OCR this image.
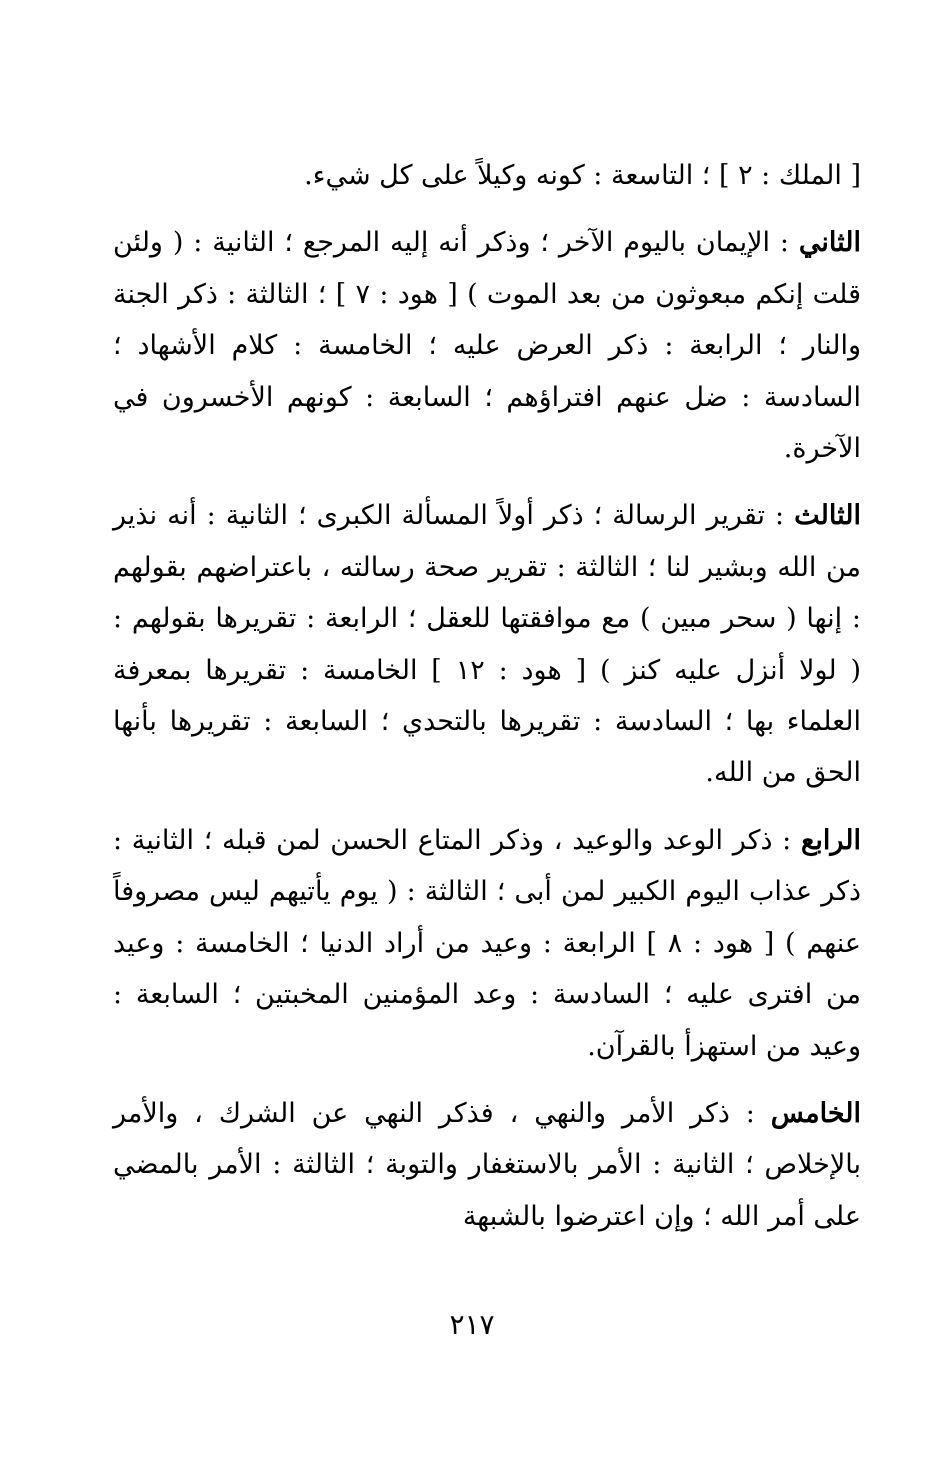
[ الملك : ٢ ] ؛ التاسعة : كونه وكيلاً على كل شيء.

الثاني : الإيمان باليوم الآخر ؛ وذكر أنه إليه المرجع ؛ الثانية : ( ولئن قلت إنكم مبعوثون من بعد الموت ) [ هود : ٧ ] ؛ الثالثة : ذكر الجنة والنار ؛ الرابعة : ذكر العرض عليه ؛ الخامسة : كلام الأشهاد ؛ السادسة : ضل عنهم افتراؤهم ؛ السابعة : كونهم الأخسرون في الآخرة.

الثالث : تقرير الرسالة ؛ ذكر أولاً المسألة الكبرى ؛ الثانية : أنه نذير من الله وبشير لنا ؛ الثالثة : تقرير صحة رسالته ، باعتراضهم بقولهم : إنها ( سحر مبين ) مع موافقتها للعقل ؛ الرابعة : تقريرها بقولهم : ( لولا أنزل عليه كنز ) [ هود : ١٢ ] الخامسة : تقريرها بمعرفة العلماء بها ؛ السادسة : تقريرها بالتحدي ؛ السابعة : تقريرها بأنها الحق من الله.

الرابع : ذكر الوعد والوعيد ، وذكر المتاع الحسن لمن قبله ؛ الثانية : ذكر عذاب اليوم الكبير لمن أبى ؛ الثالثة : ( يوم يأتيهم ليس مصروفاً عنهم ) [ هود : ٨ ] الرابعة : وعيد من أراد الدنيا ؛ الخامسة : وعيد من افترى عليه ؛ السادسة : وعد المؤمنين المخبتين ؛ السابعة : وعيد من استهزأ بالقرآن.

الخامس : ذكر الأمر والنهي ، فذكر النهي عن الشرك ، والأمر بالإخلاص ؛ الثانية : الأمر بالاستغفار والتوبة ؛ الثالثة : الأمر بالمضي على أمر الله ؛ وإن اعترضوا بالشبهة

٢١٧
